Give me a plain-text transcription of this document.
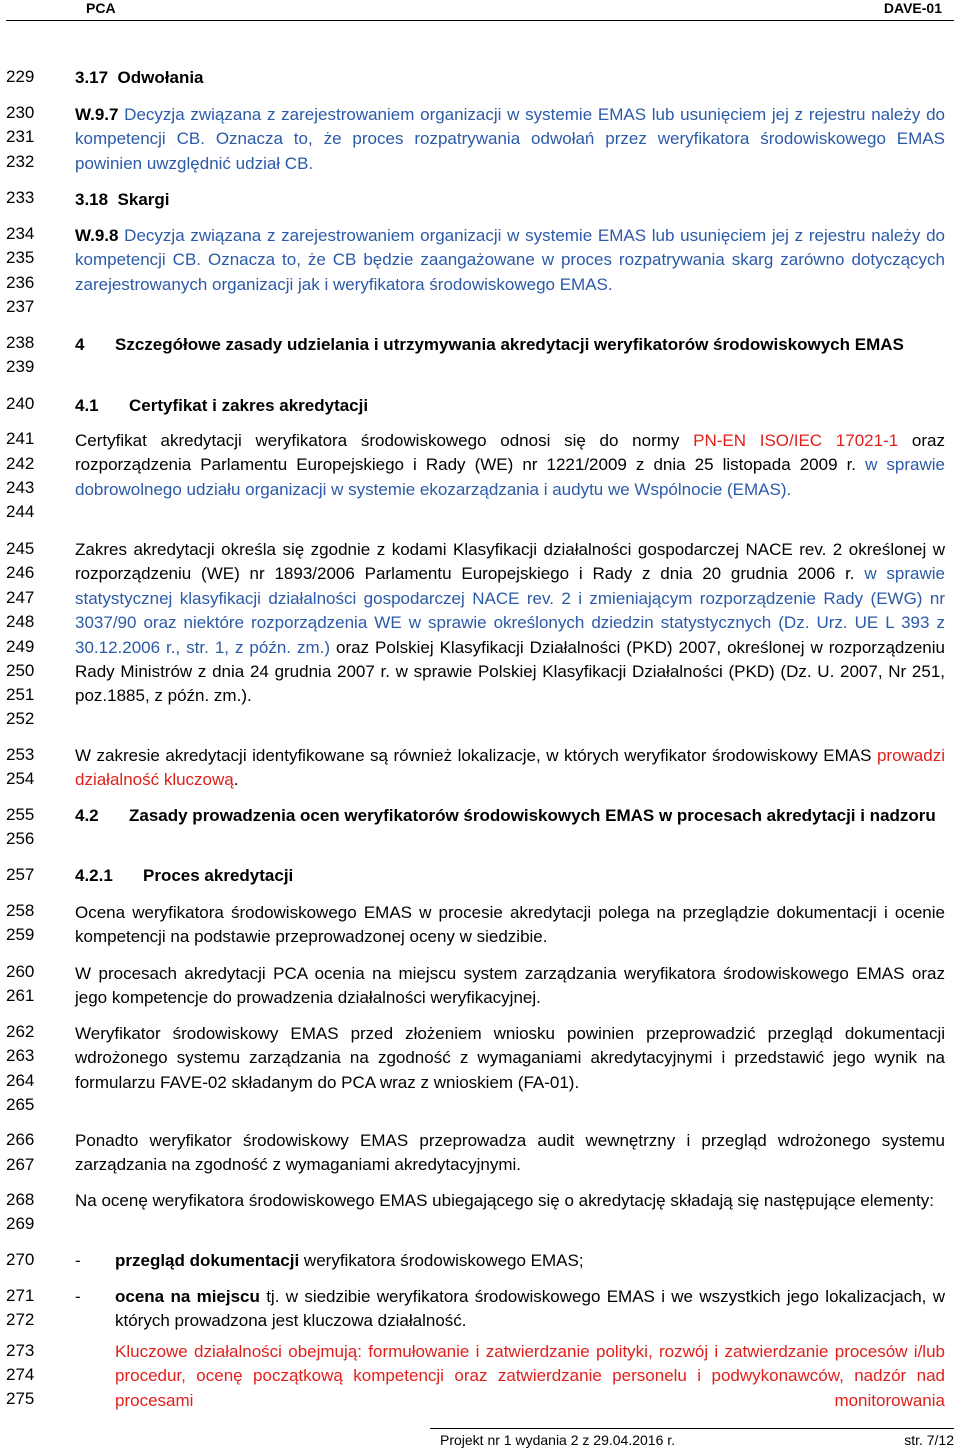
PCA	DAVE-01
229
230
231
232
233
234
235
236
237
238
239
240
241
242
243
244
245
246
247
248
249
250
251
252
253
254
255
256
257
258
259
260
261
262
263
264
265
266
267
268
269
270
271
272
273
274
275
3.17 Odwołania
W.9.7 Decyzja związana z zarejestrowaniem organizacji w systemie EMAS lub usunięciem jej z rejestru należy do kompetencji CB. Oznacza to, że proces rozpatrywania odwołań przez weryfikatora środowiskowego EMAS powinien uwzględnić udział CB.
3.18 Skargi
W.9.8 Decyzja związana z zarejestrowaniem organizacji w systemie EMAS lub usunięciem jej z rejestru należy do kompetencji CB. Oznacza to, że CB będzie zaangażowane w proces rozpatrywania skarg zarówno dotyczących zarejestrowanych organizacji jak i weryfikatora środowiskowego EMAS.
4	Szczegółowe zasady udzielania i utrzymywania akredytacji weryfikatorów środowiskowych EMAS
4.1 Certyfikat i zakres akredytacji
Certyfikat akredytacji weryfikatora środowiskowego odnosi się do normy PN-EN ISO/IEC 17021-1 oraz rozporządzenia Parlamentu Europejskiego i Rady (WE) nr 1221/2009 z dnia 25 listopada 2009 r. w sprawie dobrowolnego udziału organizacji w systemie ekozarządzania i audytu we Wspólnocie (EMAS).
Zakres akredytacji określa się zgodnie z kodami Klasyfikacji działalności gospodarczej NACE rev. 2 określonej w rozporządzeniu (WE) nr 1893/2006 Parlamentu Europejskiego i Rady z dnia 20 grudnia 2006 r. w sprawie statystycznej klasyfikacji działalności gospodarczej NACE rev. 2 i zmieniającym rozporządzenie Rady (EWG) nr 3037/90 oraz niektóre rozporządzenia WE w sprawie określonych dziedzin statystycznych (Dz. Urz. UE L 393 z 30.12.2006 r., str. 1, z późn. zm.) oraz Polskiej Klasyfikacji Działalności (PKD) 2007, określonej w rozporządzeniu Rady Ministrów z dnia 24 grudnia 2007 r. w sprawie Polskiej Klasyfikacji Działalności (PKD) (Dz. U. 2007, Nr 251, poz.1885, z późn. zm.).
W zakresie akredytacji identyfikowane są również lokalizacje, w których weryfikator środowiskowy EMAS prowadzi działalność kluczową.
4.2	Zasady prowadzenia ocen weryfikatorów środowiskowych EMAS w procesach akredytacji i nadzoru
4.2.1 Proces akredytacji
Ocena weryfikatora środowiskowego EMAS w procesie akredytacji polega na przeglądzie dokumentacji i ocenie kompetencji na podstawie przeprowadzonej oceny w siedzibie.
W procesach akredytacji PCA ocenia na miejscu system zarządzania weryfikatora środowiskowego EMAS oraz jego kompetencje do prowadzenia działalności weryfikacyjnej.
Weryfikator środowiskowy EMAS przed złożeniem wniosku powinien przeprowadzić przegląd dokumentacji wdrożonego systemu zarządzania na zgodność z wymaganiami akredytacyjnymi i przedstawić jego wynik na formularzu FAVE-02 składanym do PCA wraz z wnioskiem (FA-01).
Ponadto weryfikator środowiskowy EMAS przeprowadza audit wewnętrzny i przegląd wdrożonego systemu zarządzania na zgodność z wymaganiami akredytacyjnymi.
Na ocenę weryfikatora środowiskowego EMAS ubiegającego się o akredytację składają się następujące elementy:
- przegląd dokumentacji weryfikatora środowiskowego EMAS;
- ocena na miejscu tj. w siedzibie weryfikatora środowiskowego EMAS i we wszystkich jego lokalizacjach, w których prowadzona jest kluczowa działalność.
Kluczowe działalności obejmują: formułowanie i zatwierdzanie polityki, rozwój i zatwierdzanie procesów i/lub procedur, ocenę początkową kompetencji oraz zatwierdzanie personelu i podwykonawców, nadzór nad procesami monitorowania
Projekt nr 1 wydania 2 z 29.04.2016 r.	str. 7/12
